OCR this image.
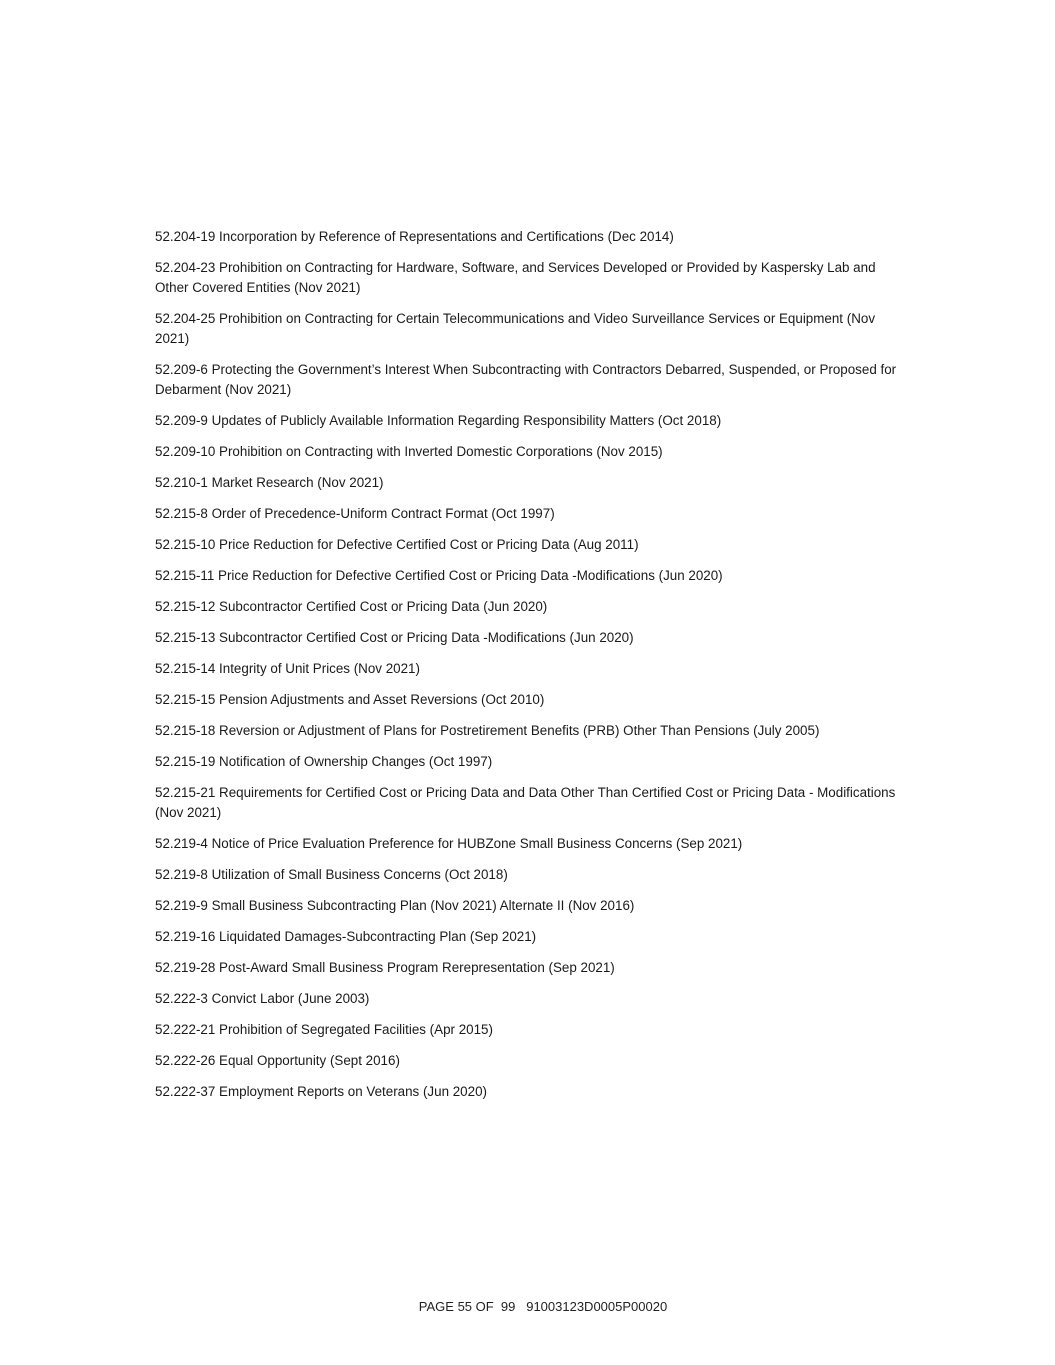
52.204-19 Incorporation by Reference of Representations and Certifications (Dec 2014)
52.204-23 Prohibition on Contracting for Hardware, Software, and Services Developed or Provided by Kaspersky Lab and Other Covered Entities (Nov 2021)
52.204-25 Prohibition on Contracting for Certain Telecommunications and Video Surveillance Services or Equipment (Nov 2021)
52.209-6 Protecting the Government’s Interest When Subcontracting with Contractors Debarred, Suspended, or Proposed for Debarment (Nov 2021)
52.209-9 Updates of Publicly Available Information Regarding Responsibility Matters (Oct 2018)
52.209-10 Prohibition on Contracting with Inverted Domestic Corporations (Nov 2015)
52.210-1 Market Research (Nov 2021)
52.215-8 Order of Precedence-Uniform Contract Format (Oct 1997)
52.215-10 Price Reduction for Defective Certified Cost or Pricing Data (Aug 2011)
52.215-11 Price Reduction for Defective Certified Cost or Pricing Data -Modifications (Jun 2020)
52.215-12 Subcontractor Certified Cost or Pricing Data (Jun 2020)
52.215-13 Subcontractor Certified Cost or Pricing Data -Modifications (Jun 2020)
52.215-14 Integrity of Unit Prices (Nov 2021)
52.215-15 Pension Adjustments and Asset Reversions (Oct 2010)
52.215-18 Reversion or Adjustment of Plans for Postretirement Benefits (PRB) Other Than Pensions (July 2005)
52.215-19 Notification of Ownership Changes (Oct 1997)
52.215-21 Requirements for Certified Cost or Pricing Data and Data Other Than Certified Cost or Pricing Data - Modifications (Nov 2021)
52.219-4 Notice of Price Evaluation Preference for HUBZone Small Business Concerns (Sep 2021)
52.219-8 Utilization of Small Business Concerns (Oct 2018)
52.219-9 Small Business Subcontracting Plan (Nov 2021) Alternate II (Nov 2016)
52.219-16 Liquidated Damages-Subcontracting Plan (Sep 2021)
52.219-28 Post-Award Small Business Program Rerepresentation (Sep 2021)
52.222-3 Convict Labor (June 2003)
52.222-21 Prohibition of Segregated Facilities (Apr 2015)
52.222-26 Equal Opportunity (Sept 2016)
52.222-37 Employment Reports on Veterans (Jun 2020)
PAGE 55 OF  99   91003123D0005P00020
